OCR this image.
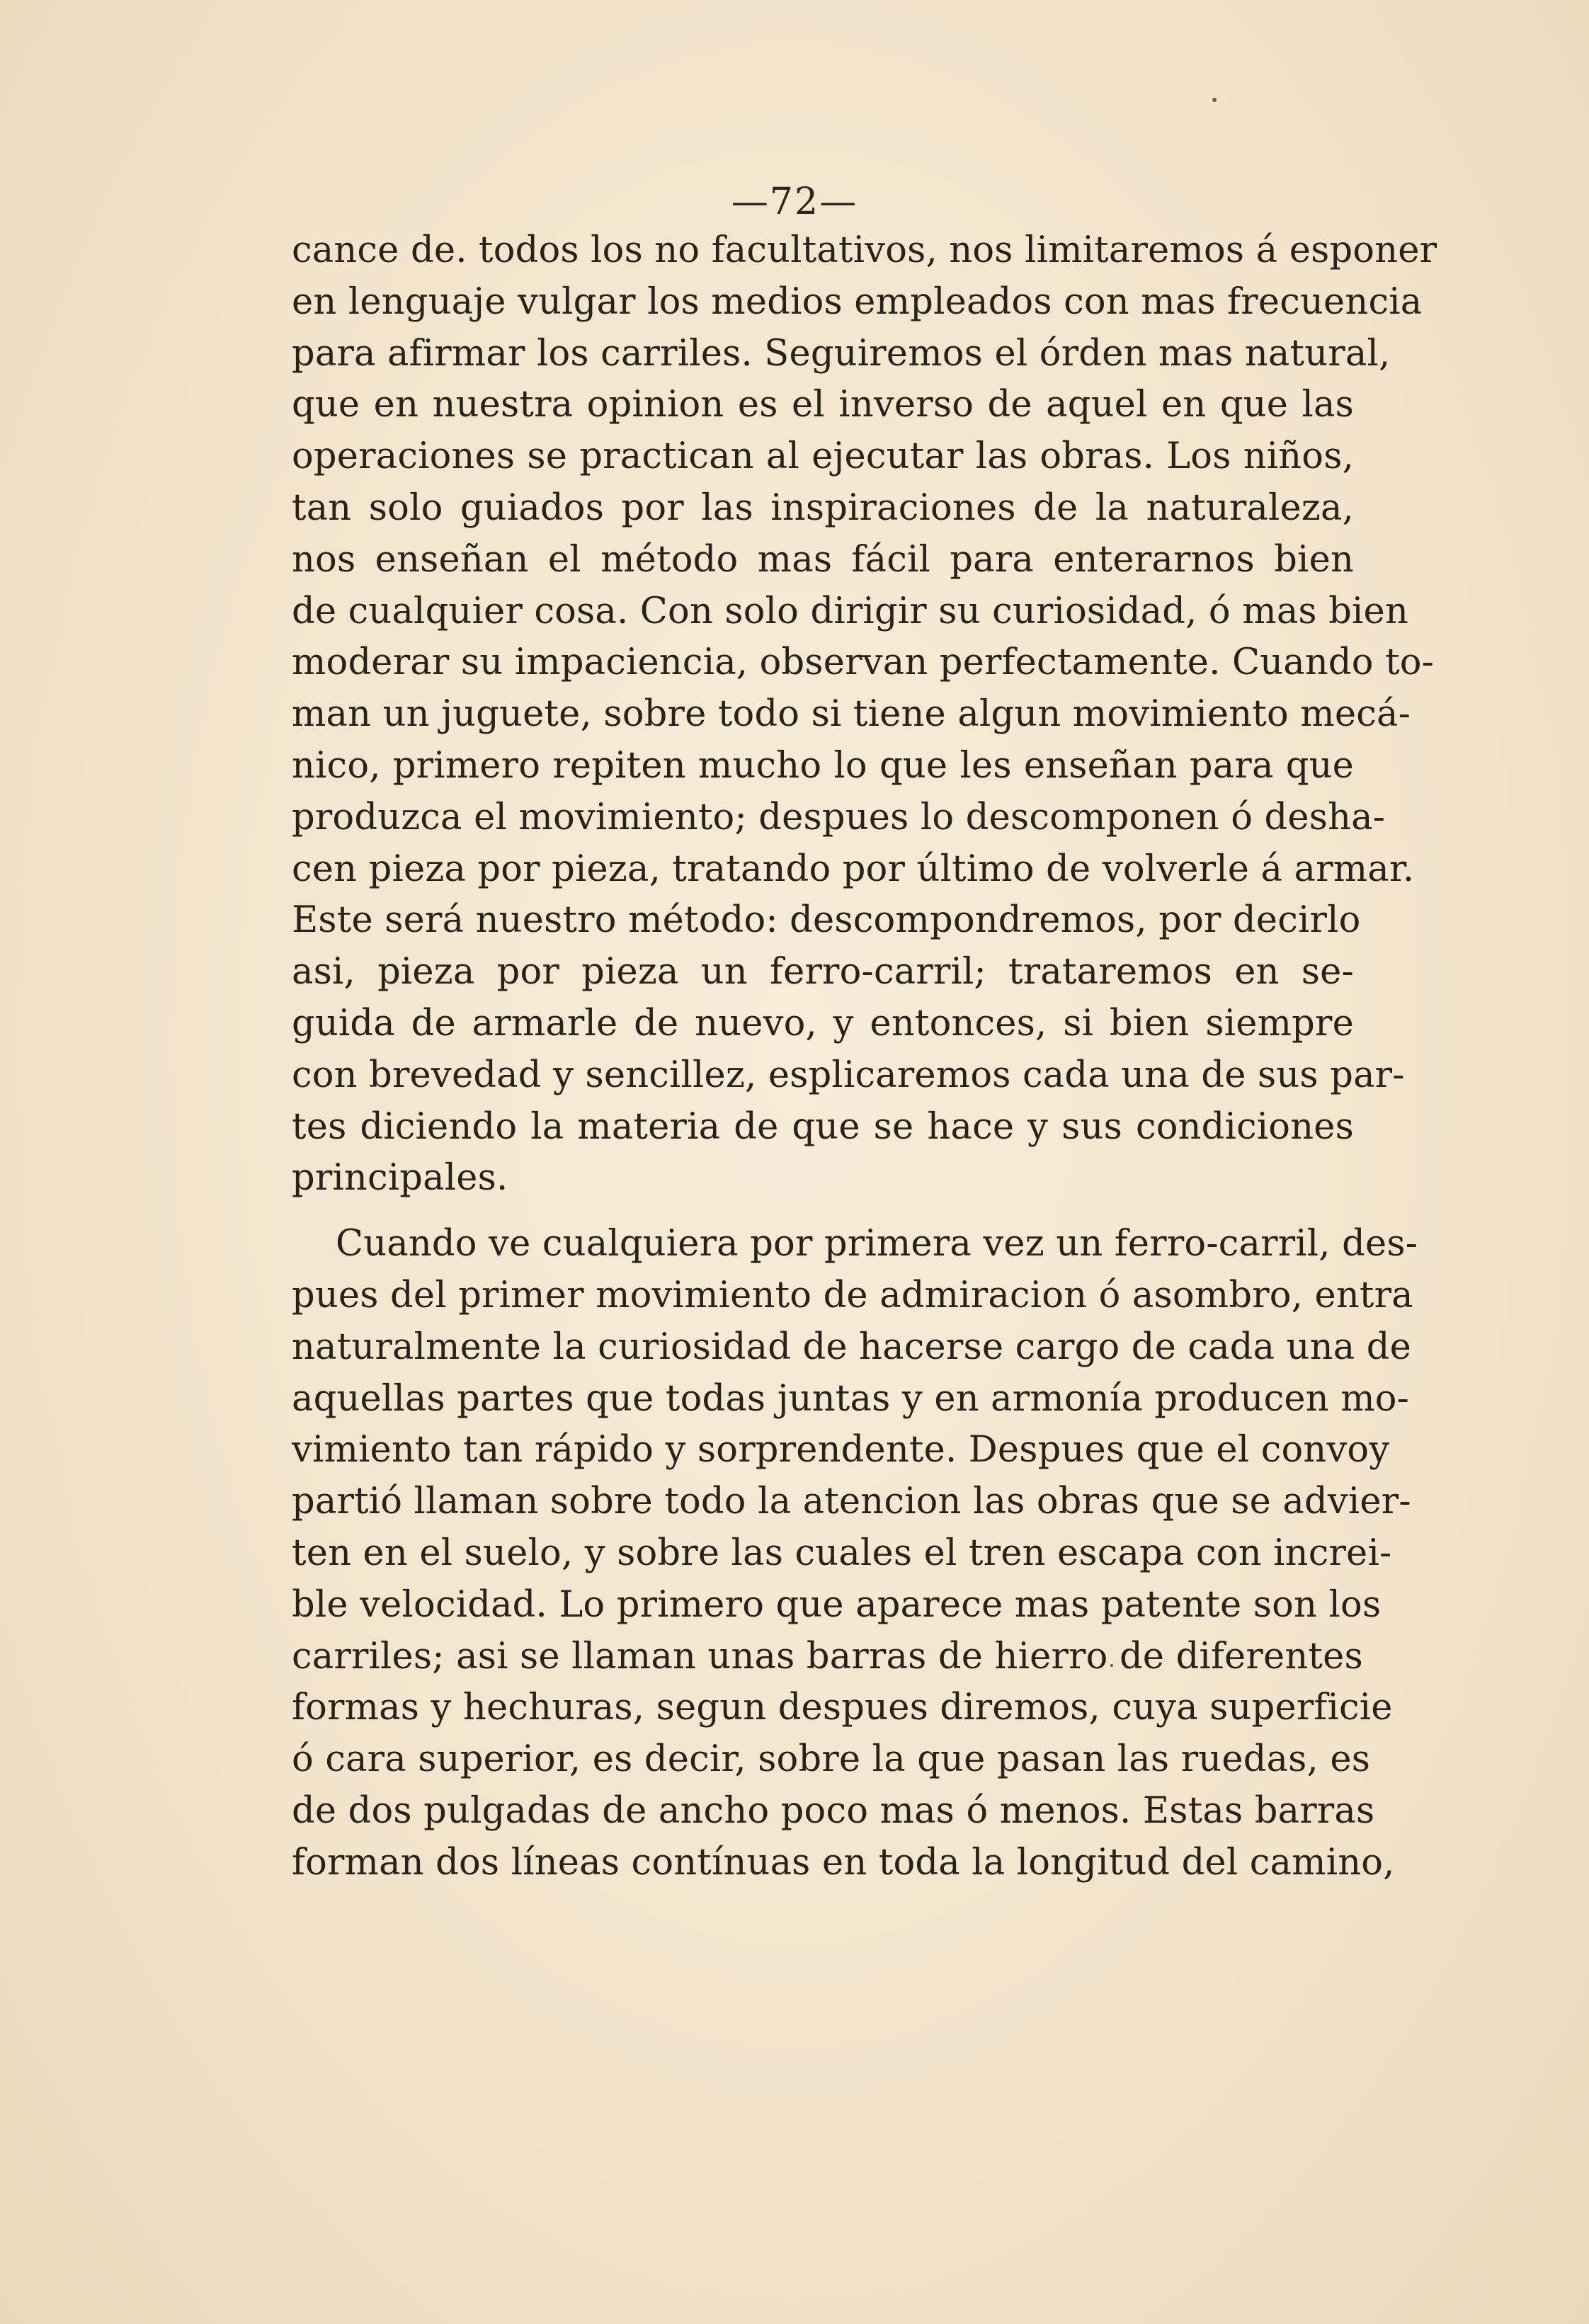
—72—
cance de. todos los no facultativos, nos limitaremos á esponer
en lenguaje vulgar los medios empleados con mas frecuencia
para afirmar los carriles. Seguiremos el órden mas natural,
que en nuestra opinion es el inverso de aquel en que las
operaciones se practican al ejecutar las obras. Los niños,
tan solo guiados por las inspiraciones de la naturaleza,
nos enseñan el método mas fácil para enterarnos bien
de cualquier cosa. Con solo dirigir su curiosidad, ó mas bien
moderar su impaciencia, observan perfectamente. Cuando to-
man un juguete, sobre todo si tiene algun movimiento mecá-
nico, primero repiten mucho lo que les enseñan para que
produzca el movimiento; despues lo descomponen ó desha-
cen pieza por pieza, tratando por último de volverle á armar.
Este será nuestro método: descompondremos, por decirlo
asi, pieza por pieza un ferro-carril; trataremos en se-
guida de armarle de nuevo, y entonces, si bien siempre
con brevedad y sencillez, esplicaremos cada una de sus par-
tes diciendo la materia de que se hace y sus condiciones
principales.
Cuando ve cualquiera por primera vez un ferro-carril, des-
pues del primer movimiento de admiracion ó asombro, entra
naturalmente la curiosidad de hacerse cargo de cada una de
aquellas partes que todas juntas y en armonía producen mo-
vimiento tan rápido y sorprendente. Despues que el convoy
partió llaman sobre todo la atencion las obras que se advier-
ten en el suelo, y sobre las cuales el tren escapa con increi-
ble velocidad. Lo primero que aparece mas patente son los
carriles; asi se llaman unas barras de hierro de diferentes
formas y hechuras, segun despues diremos, cuya superficie
ó cara superior, es decir, sobre la que pasan las ruedas, es
de dos pulgadas de ancho poco mas ó menos. Estas barras
forman dos líneas contínuas en toda la longitud del camino,
